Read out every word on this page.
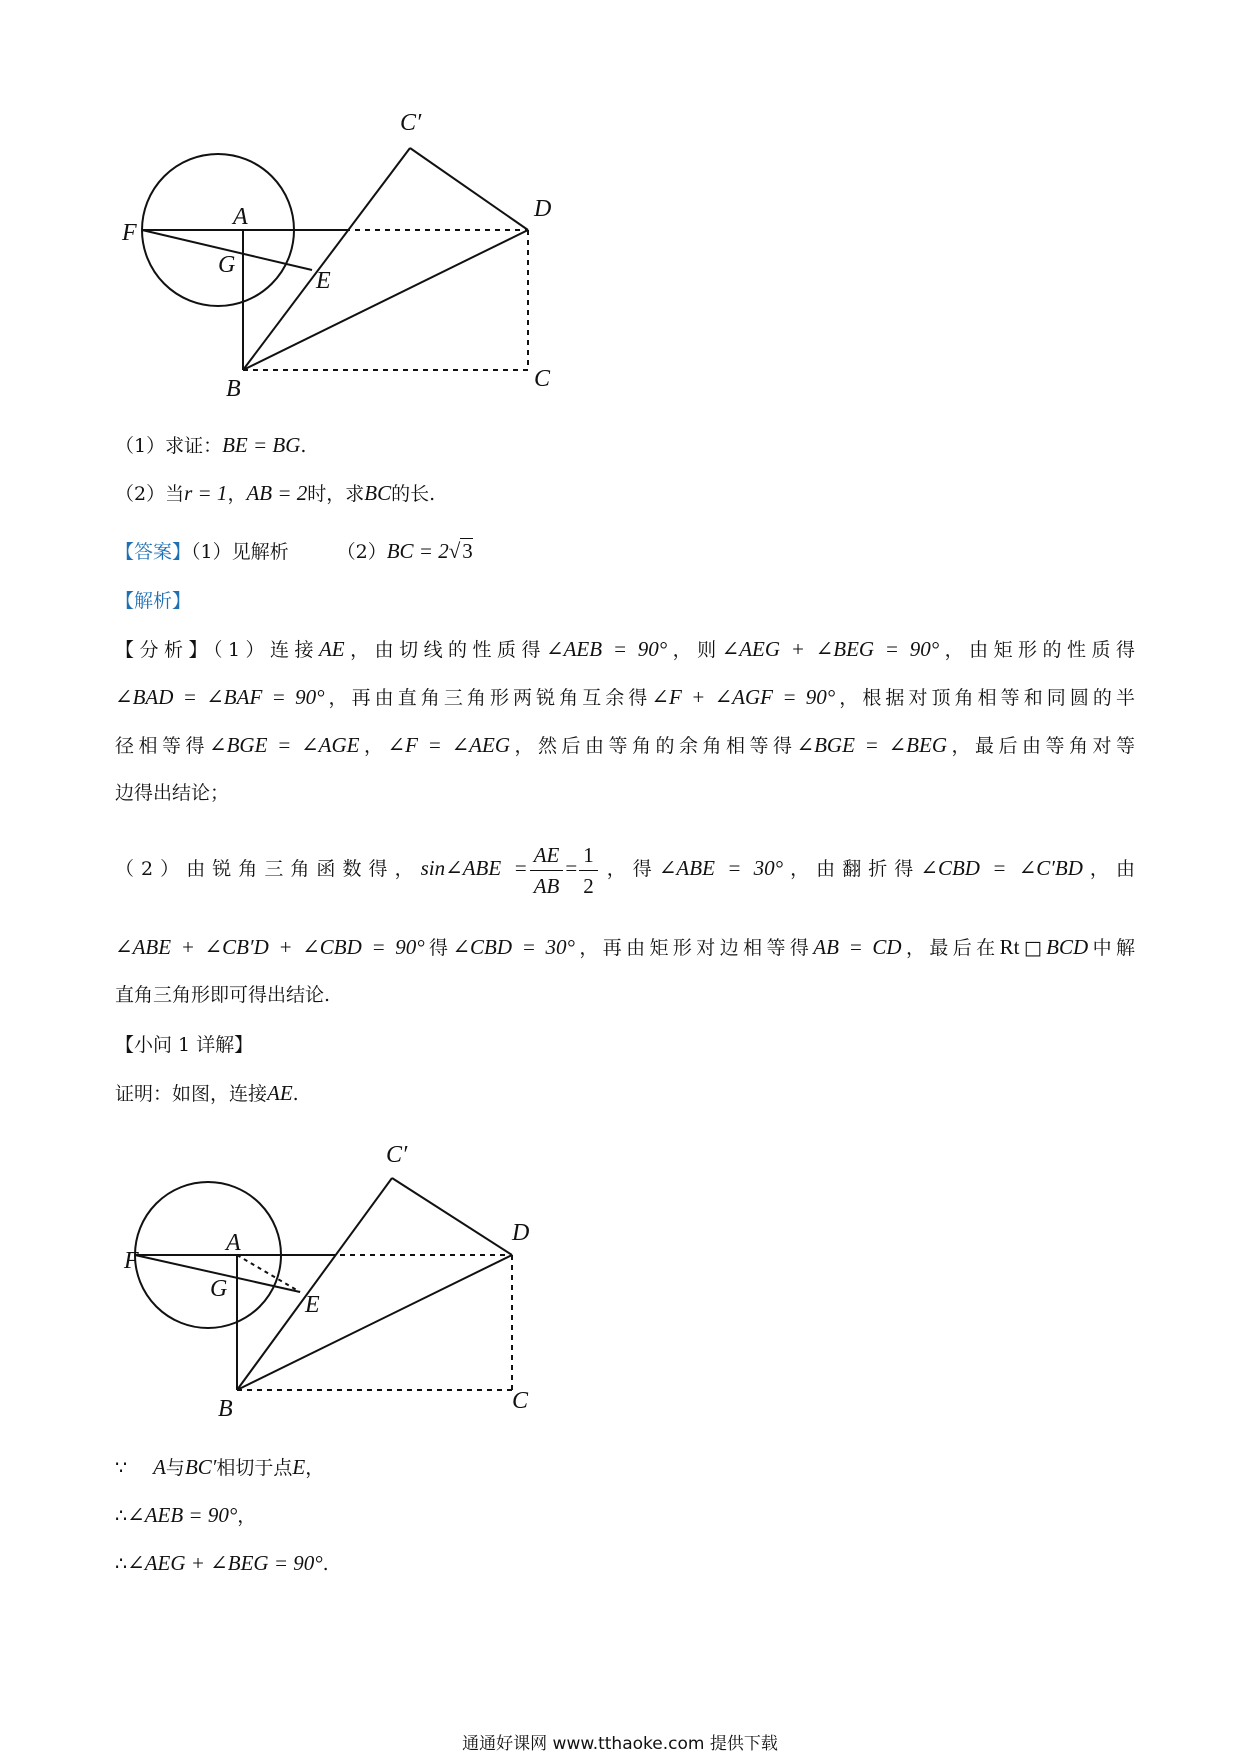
A
B	C
D
E
F
G
C′
（1）求证：BE = BG.
（2）当r = 1，AB = 2时，求BC的长.
【答案】（1）见解析	（2）BC = 2√3
【解析】
【分析】（1）连接AE，由切线的性质得∠AEB = 90°，则∠AEG + ∠BEG = 90°，由矩形的性质得
∠BAD = ∠BAF = 90°，再由直角三角形两锐角互余得∠F + ∠AGF = 90°，根据对顶角相等和同圆的半
径相等得∠BGE = ∠AGE，∠F = ∠AEG，然后由等角的余角相等得∠BGE = ∠BEG，最后由等角对等
边得出结论；
（2）由锐角三角函数得，sin∠ABE = $\frac{AE}{AB} = \frac{1}{2}$ ，得∠ABE = 30°，由翻折得∠CBD = ∠C′BD，由
∠ABE + ∠CB′D + ∠CBD = 90°得∠CBD = 30°，再由矩形对边相等得AB = CD，最后在Rt□BCD中解
直角三角形即可得出结论.
【小问 1 详解】
证明：如图，连接AE.
A
B	C
D
E
F
G
C′
∵ A与BC′相切于点E，
∴∠AEB = 90°，
∴∠AEG + ∠BEG = 90°.
通通好课网 www.tthaoke.com 提供下载
